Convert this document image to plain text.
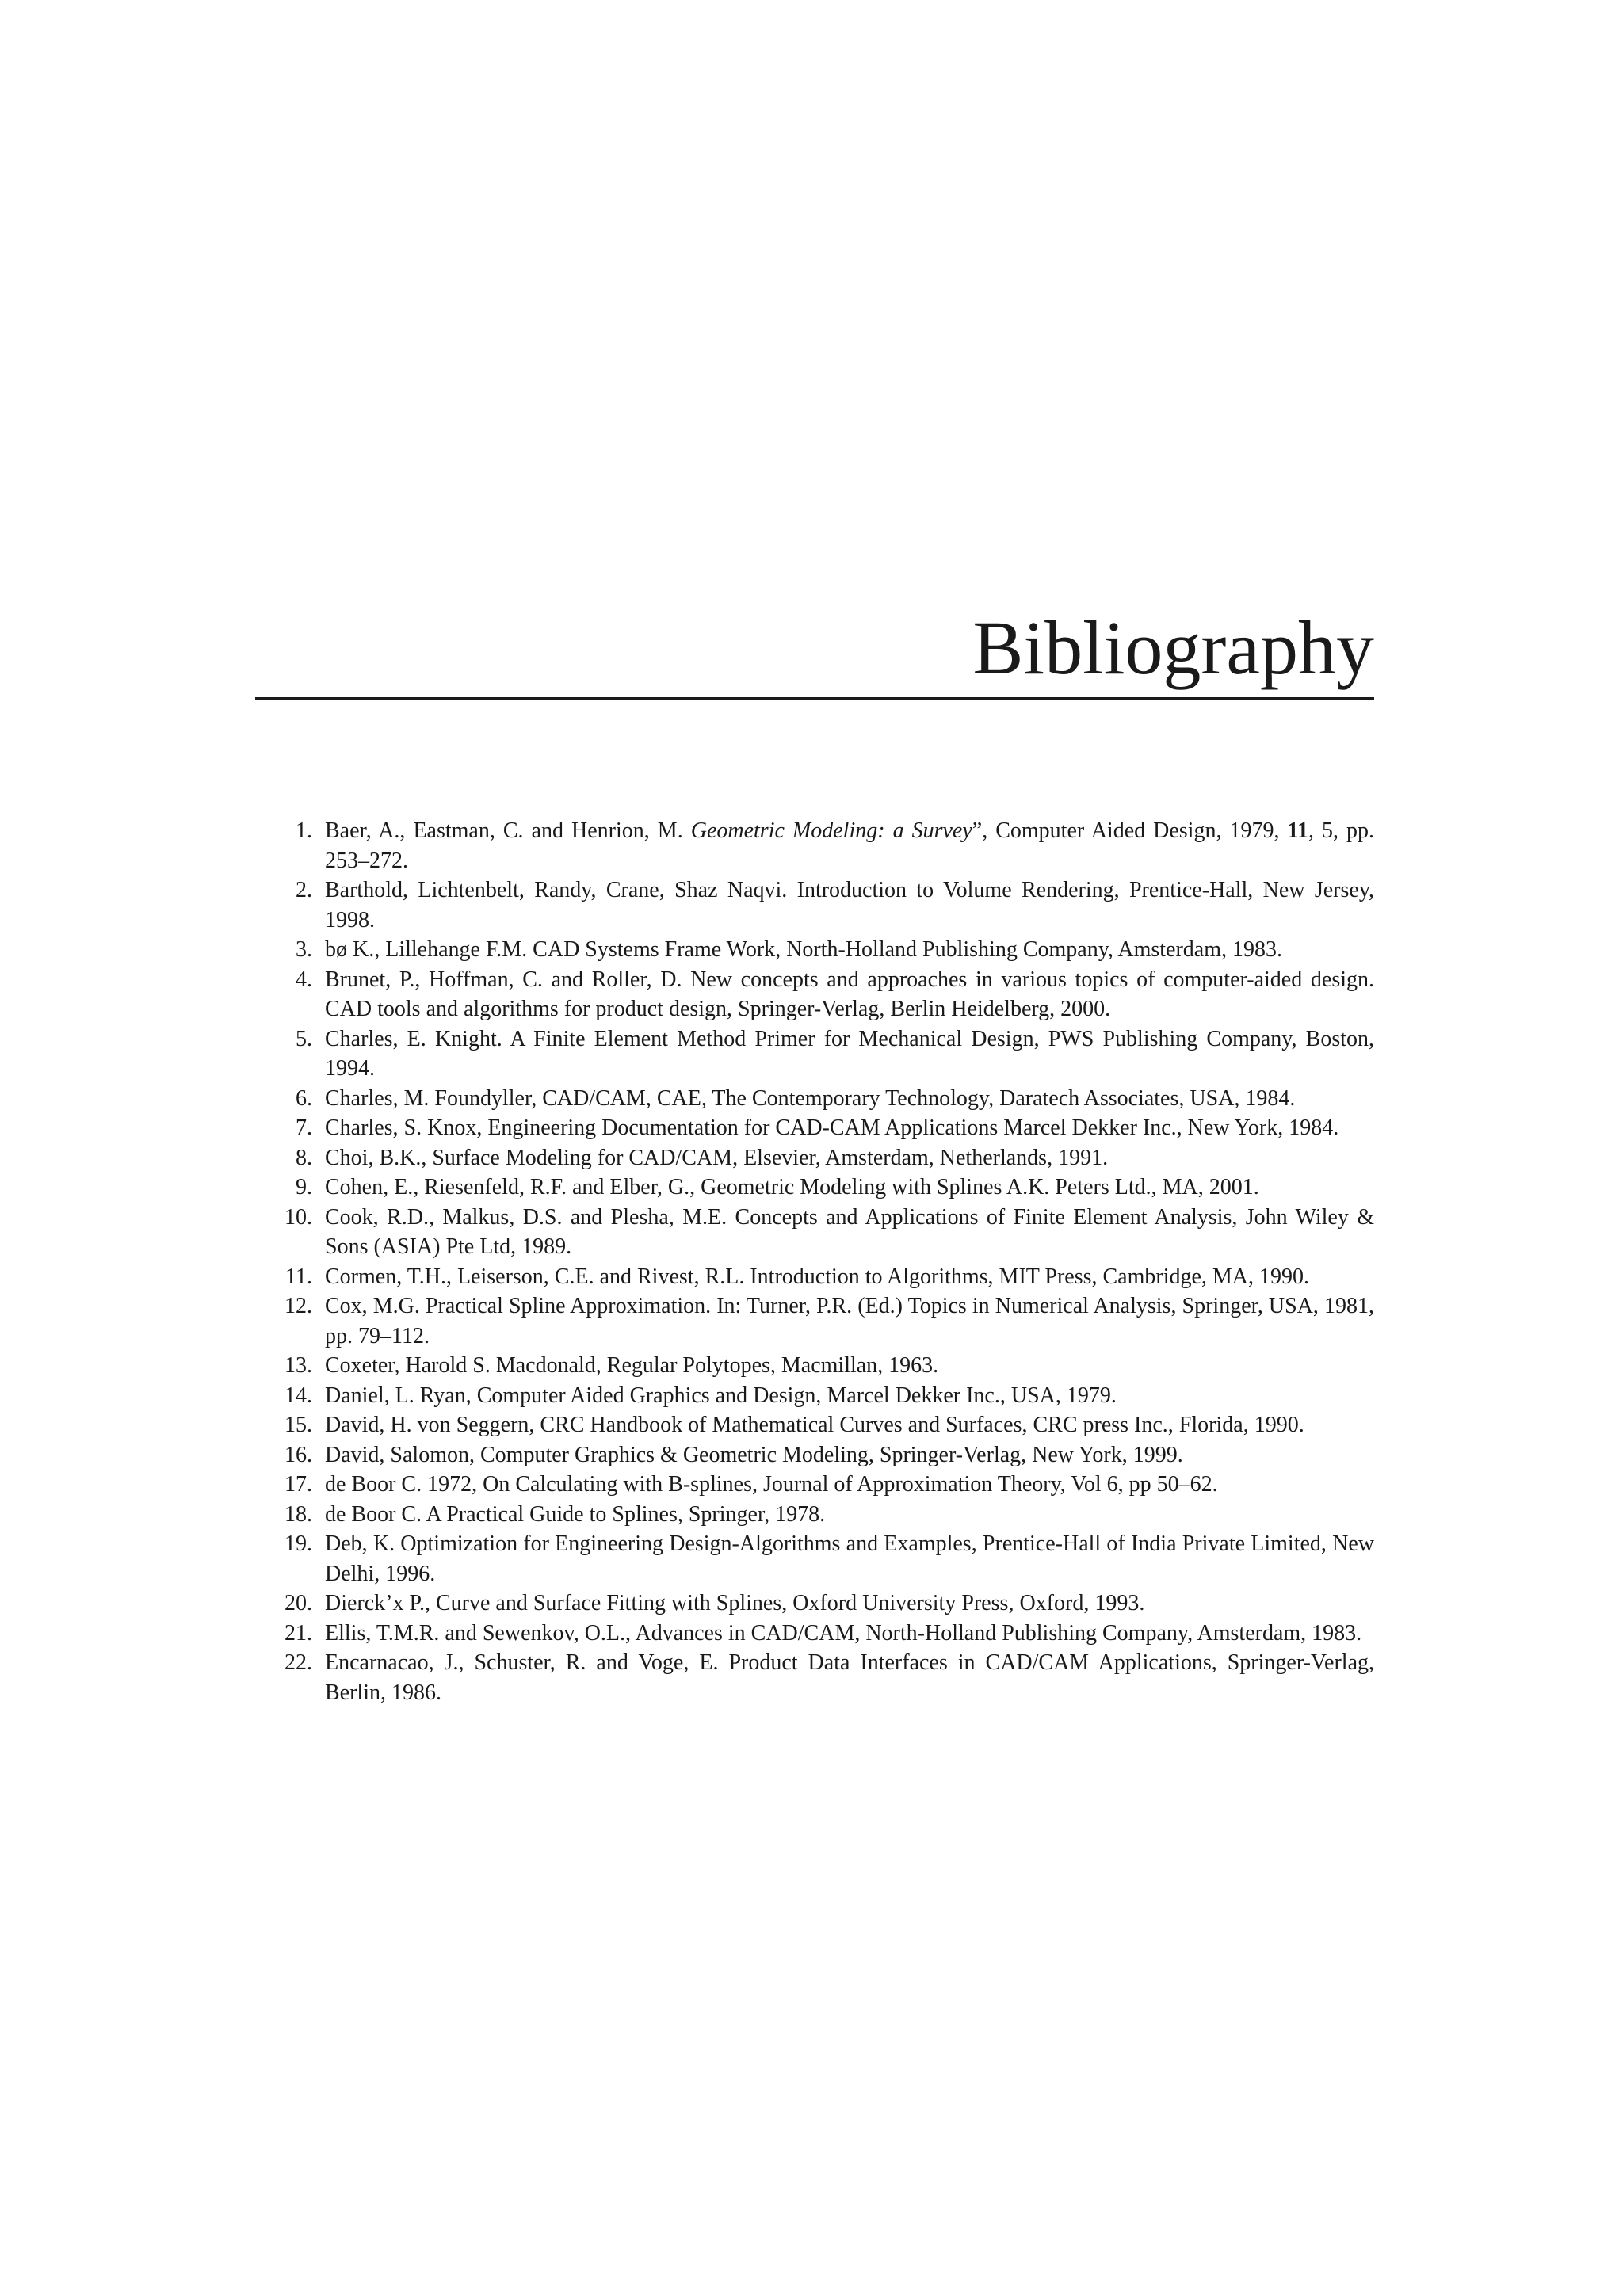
Bibliography
1. Baer, A., Eastman, C. and Henrion, M. Geometric Modeling: a Survey”, Computer Aided Design, 1979, 11, 5, pp. 253–272.
2. Barthold, Lichtenbelt, Randy, Crane, Shaz Naqvi. Introduction to Volume Rendering, Prentice-Hall, New Jersey, 1998.
3. bø K., Lillehange F.M. CAD Systems Frame Work, North-Holland Publishing Company, Amsterdam, 1983.
4. Brunet, P., Hoffman, C. and Roller, D. New concepts and approaches in various topics of computer-aided design. CAD tools and algorithms for product design, Springer-Verlag, Berlin Heidelberg, 2000.
5. Charles, E. Knight. A Finite Element Method Primer for Mechanical Design, PWS Publishing Company, Boston, 1994.
6. Charles, M. Foundyller, CAD/CAM, CAE, The Contemporary Technology, Daratech Associates, USA, 1984.
7. Charles, S. Knox, Engineering Documentation for CAD-CAM Applications Marcel Dekker Inc., New York, 1984.
8. Choi, B.K., Surface Modeling for CAD/CAM, Elsevier, Amsterdam, Netherlands, 1991.
9. Cohen, E., Riesenfeld, R.F. and Elber, G., Geometric Modeling with Splines A.K. Peters Ltd., MA, 2001.
10. Cook, R.D., Malkus, D.S. and Plesha, M.E. Concepts and Applications of Finite Element Analysis, John Wiley & Sons (ASIA) Pte Ltd, 1989.
11. Cormen, T.H., Leiserson, C.E. and Rivest, R.L. Introduction to Algorithms, MIT Press, Cambridge, MA, 1990.
12. Cox, M.G. Practical Spline Approximation. In: Turner, P.R. (Ed.) Topics in Numerical Analysis, Springer, USA, 1981, pp. 79–112.
13. Coxeter, Harold S. Macdonald, Regular Polytopes, Macmillan, 1963.
14. Daniel, L. Ryan, Computer Aided Graphics and Design, Marcel Dekker Inc., USA, 1979.
15. David, H. von Seggern, CRC Handbook of Mathematical Curves and Surfaces, CRC press Inc., Florida, 1990.
16. David, Salomon, Computer Graphics & Geometric Modeling, Springer-Verlag, New York, 1999.
17. de Boor C. 1972, On Calculating with B-splines, Journal of Approximation Theory, Vol 6, pp 50–62.
18. de Boor C. A Practical Guide to Splines, Springer, 1978.
19. Deb, K. Optimization for Engineering Design-Algorithms and Examples, Prentice-Hall of India Private Limited, New Delhi, 1996.
20. Dierck’x P., Curve and Surface Fitting with Splines, Oxford University Press, Oxford, 1993.
21. Ellis, T.M.R. and Sewenkov, O.L., Advances in CAD/CAM, North-Holland Publishing Company, Amsterdam, 1983.
22. Encarnacao, J., Schuster, R. and Voge, E. Product Data Interfaces in CAD/CAM Applications, Springer-Verlag, Berlin, 1986.
